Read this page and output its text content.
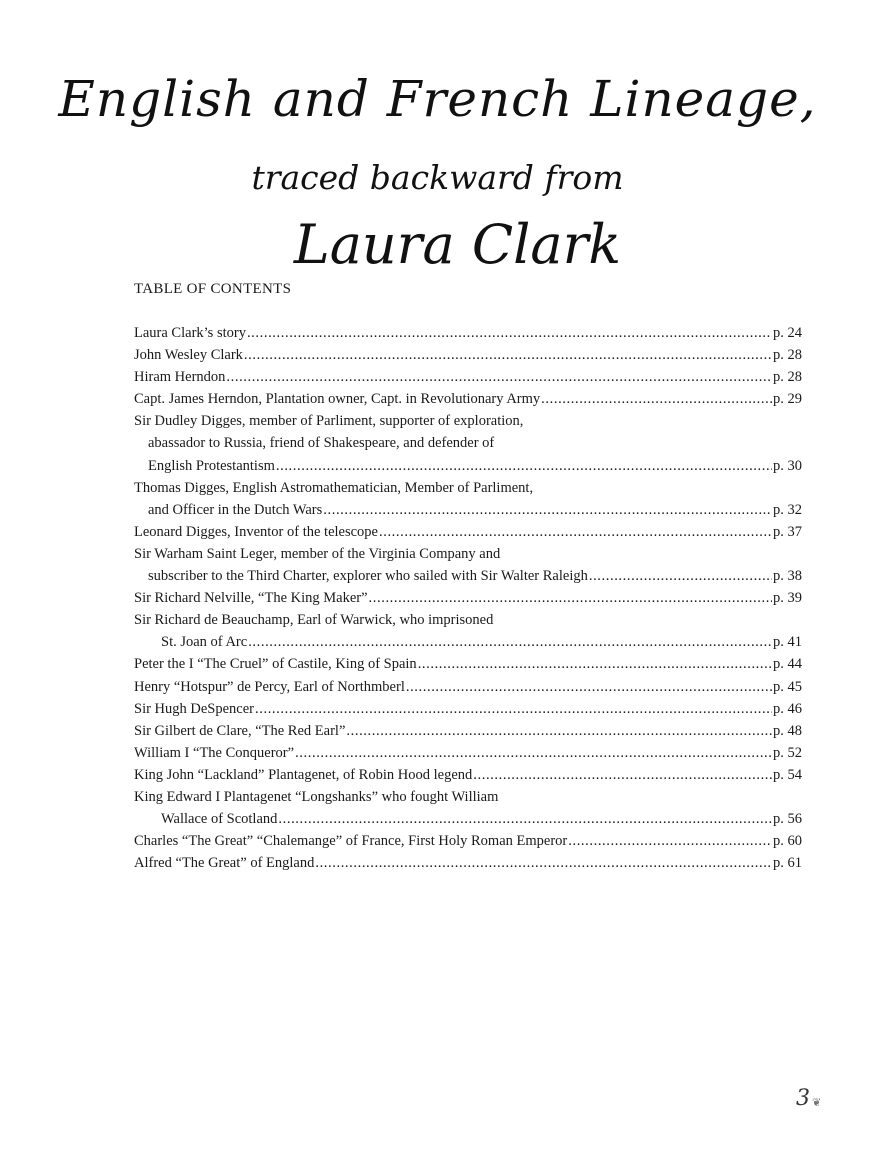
English and French Lineage,
traced backward from
Laura Clark
TABLE OF CONTENTS
Laura Clark’s story .....	p. 24
John Wesley Clark .....	p. 28
Hiram Herndon .....	p. 28
Capt. James Herndon, Plantation owner, Capt. in Revolutionary Army .....	p. 29
Sir Dudley Digges, member of Parliment, supporter of exploration,
abassador to Russia, friend of Shakespeare, and defender of
English Protestantism .....	p. 30
Thomas Digges, English Astromathematician, Member of Parliment,
and Officer in the Dutch Wars .....	p. 32
Leonard Digges, Inventor of the telescope .....	p. 37
Sir Warham Saint Leger, member of the Virginia Company and
subscriber to the Third Charter, explorer who sailed with Sir Walter Raleigh .....	p. 38
Sir Richard Nelville, “The King Maker” .....	p. 39
Sir Richard de Beauchamp, Earl of Warwick, who imprisoned
St. Joan of Arc .....	p. 41
Peter the I “The Cruel” of Castile, King of Spain .....	p. 44
Henry “Hotspur” de Percy, Earl of Northmberl .....	p. 45
Sir Hugh DeSpencer .....	p. 46
Sir Gilbert de Clare, “The Red Earl” .....	p. 48
William I “The Conqueror” .....	p. 52
King John “Lackland” Plantagenet, of Robin Hood legend .....	p. 54
King Edward I Plantagenet “Longshanks” who fought William
Wallace of Scotland .....	p. 56
Charles “The Great” “Chalemange” of France, First Holy Roman Emperor .....	p. 60
Alfred “The Great” of England .....	p. 61
3 ❦
